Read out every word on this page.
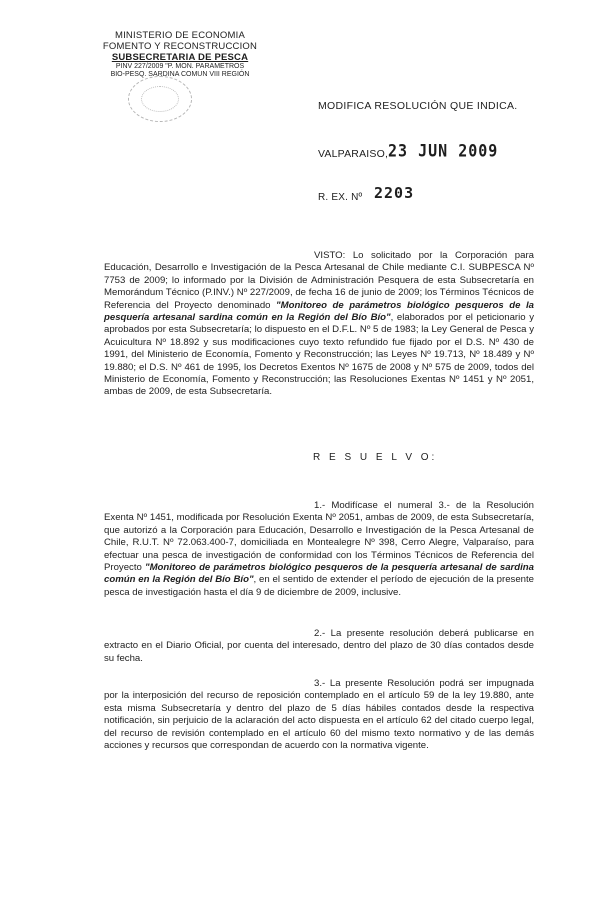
MINISTERIO DE ECONOMIA
FOMENTO Y RECONSTRUCCION
SUBSECRETARIA DE PESCA
PINV 227/2009 "P. MON. PARAMETROS
BIO-PESQ. SARDINA COMUN VIII REGIÓN
MODIFICA RESOLUCIÓN QUE INDICA.
VALPARAISO, 23 JUN 2009
R. EX. Nº 2203
VISTO: Lo solicitado por la Corporación para Educación, Desarrollo e Investigación de la Pesca Artesanal de Chile mediante C.I. SUBPESCA Nº 7753 de 2009; lo informado por la División de Administración Pesquera de esta Subsecretaría en Memorándum Técnico (P.INV.) Nº 227/2009, de fecha 16 de junio de 2009; los Términos Técnicos de Referencia del Proyecto denominado "Monitoreo de parámetros biológico pesqueros de la pesquería artesanal sardina común en la Región del Bío Bío", elaborados por el peticionario y aprobados por esta Subsecretaría; lo dispuesto en el D.F.L. Nº 5 de 1983; la Ley General de Pesca y Acuicultura Nº 18.892 y sus modificaciones cuyo texto refundido fue fijado por el D.S. Nº 430 de 1991, del Ministerio de Economía, Fomento y Reconstrucción; las Leyes Nº 19.713, Nº 18.489 y Nº 19.880; el D.S. Nº 461 de 1995, los Decretos Exentos Nº 1675 de 2008 y Nº 575 de 2009, todos del Ministerio de Economía, Fomento y Reconstrucción; las Resoluciones Exentas Nº 1451 y Nº 2051, ambas de 2009, de esta Subsecretaría.
R E S U E L V O:
1.- Modifícase el numeral 3.- de la Resolución Exenta Nº 1451, modificada por Resolución Exenta Nº 2051, ambas de 2009, de esta Subsecretaría, que autorizó a la Corporación para Educación, Desarrollo e Investigación de la Pesca Artesanal de Chile, R.U.T. Nº 72.063.400-7, domiciliada en Montealegre Nº 398, Cerro Alegre, Valparaíso, para efectuar una pesca de investigación de conformidad con los Términos Técnicos de Referencia del Proyecto "Monitoreo de parámetros biológico pesqueros de la pesquería artesanal de sardina común en la Región del Bío Bío", en el sentido de extender el período de ejecución de la presente pesca de investigación hasta el día 9 de diciembre de 2009, inclusive.
2.- La presente resolución deberá publicarse en extracto en el Diario Oficial, por cuenta del interesado, dentro del plazo de 30 días contados desde su fecha.
3.- La presente Resolución podrá ser impugnada por la interposición del recurso de reposición contemplado en el artículo 59 de la ley 19.880, ante esta misma Subsecretaría y dentro del plazo de 5 días hábiles contados desde la respectiva notificación, sin perjuicio de la aclaración del acto dispuesta en el artículo 62 del citado cuerpo legal, del recurso de revisión contemplado en el artículo 60 del mismo texto normativo y de las demás acciones y recursos que correspondan de acuerdo con la normativa vigente.
